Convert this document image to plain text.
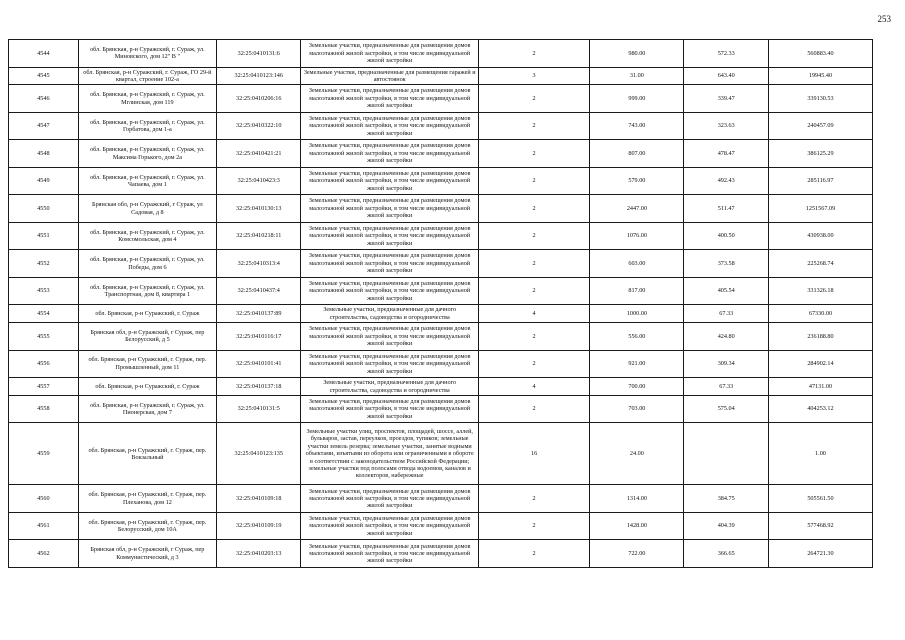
253
4544	обл. Брянская, р-н Суражский, г. Сураж, ул. Миновского, дом 12" В "	32:25:0410131:6	Земельные участки, предназначенные для размещения домов малоэтажной жилой застройки, в том числе индивидуальной жилой застройки	2	980.00	572.33	560883.40
4545	обл. Брянская, р-н Суражский, г. Сураж, ГО 29-й квартал, строение 102-а	32:25:0410123:146	Земельные участки, предназначенные для размещения гаражей и автостоянок	3	31.00	643.40	19945.40
4546	обл. Брянская, р-н Суражский, г. Сураж, ул. Мглинская, дом 119	32:25:0410206:16	Земельные участки, предназначенные для размещения домов малоэтажной жилой застройки, в том числе индивидуальной жилой застройки	2	999.00	339.47	339130.53
4547	обл. Брянская, р-н Суражский, г. Сураж, ул. Горбатова, дом 1-а	32:25:0410322:10	Земельные участки, предназначенные для размещения домов малоэтажной жилой застройки, в том числе индивидуальной жилой застройки	2	743.00	323.63	240457.09
4548	обл. Брянская, р-н Суражский, г. Сураж, ул. Максима Горького, дом 2а	32:25:0410421:21	Земельные участки, предназначенные для размещения домов малоэтажной жилой застройки, в том числе индивидуальной жилой застройки	2	807.00	478.47	386125.29
4549	обл. Брянская, р-н Суражский, г. Сураж, ул. Чапаева, дом 1	32:25:0410423:3	Земельные участки, предназначенные для размещения домов малоэтажной жилой застройки, в том числе индивидуальной жилой застройки	2	579.00	492.43	285116.97
4550	Брянская обл, р-н Суражский, г Сураж, ул Садовая, д 8	32:25:0410130:13	Земельные участки, предназначенные для размещения домов малоэтажной жилой застройки, в том числе индивидуальной жилой застройки	2	2447.00	511.47	1251567.09
4551	обл. Брянская, р-н Суражский, г. Сураж, ул. Комсомольская, дом 4	32:25:0410218:11	Земельные участки, предназначенные для размещения домов малоэтажной жилой застройки, в том числе индивидуальной жилой застройки	2	1076.00	400.50	430938.00
4552	обл. Брянская, р-н Суражский, г. Сураж, ул. Победы, дом 6	32:25:0410313:4	Земельные участки, предназначенные для размещения домов малоэтажной жилой застройки, в том числе индивидуальной жилой застройки	2	603.00	373.58	225268.74
4553	обл. Брянская, р-н Суражский, г. Сураж, ул. Транспортная, дом 8, квартира 1	32:25:0410437:4	Земельные участки, предназначенные для размещения домов малоэтажной жилой застройки, в том числе индивидуальной жилой застройки	2	817.00	405.54	331326.18
4554	обл. Брянская, р-н Суражский, г. Сураж	32:25:0410137:89	Земельные участки, предназначенные для дачного строительства, садоводства и огородничества	4	1000.00	67.33	67330.00
4555	Брянская обл, р-н Суражский, г Сураж, пер Белорусский, д 5	32:25:0410116:17	Земельные участки, предназначенные для размещения домов малоэтажной жилой застройки, в том числе индивидуальной жилой застройки	2	556.00	424.80	236188.80
4556	обл. Брянская, р-н Суражский, г. Сураж, пер. Промышленный, дом 11	32:25:0410101:41	Земельные участки, предназначенные для размещения домов малоэтажной жилой застройки, в том числе индивидуальной жилой застройки	2	921.00	309.34	284902.14
4557	обл. Брянская, р-н Суражский, г. Сураж	32:25:0410137:18	Земельные участки, предназначенные для дачного строительства, садоводства и огородничества	4	700.00	67.33	47131.00
4558	обл. Брянская, р-н Суражский, г. Сураж, ул. Пионерская, дом 7	32:25:0410131:5	Земельные участки, предназначенные для размещения домов малоэтажной жилой застройки, в том числе индивидуальной жилой застройки	2	703.00	575.04	404253.12
4559	обл. Брянская, р-н Суражский, г. Сураж, пер. Вокзальный	32:25:0410123:135	Земельные участки улиц, проспектов, площадей, шоссе, аллей, бульваров, застав, переулков, проездов, тупиков; земельные участки земель резерва; земельные участки, занятые водными объектами, изъятыми из оборота или ограниченными в обороте в соответствии с законодательством Российской Федерации; земельные участки под полосами отвода водоемов, каналов и коллекторов, набережные	16	24.00		1.00
4560	обл. Брянская, р-н Суражский, г. Сураж, пер. Плеханова, дом 12	32:25:0410109:18	Земельные участки, предназначенные для размещения домов малоэтажной жилой застройки, в том числе индивидуальной жилой застройки	2	1314.00	384.75	505561.50
4561	обл. Брянская, р-н Суражский, г. Сураж, пер. Белорусский, дом 10А	32:25:0410109:19	Земельные участки, предназначенные для размещения домов малоэтажной жилой застройки, в том числе индивидуальной жилой застройки	2	1428.00	404.39	577468.92
4562	Брянская обл, р-н Суражский, г Сураж, пер Коммунистический, д 3	32:25:0410203:13	Земельные участки, предназначенные для размещения домов малоэтажной жилой застройки, в том числе индивидуальной жилой застройки	2	722.00	366.65	264721.30
